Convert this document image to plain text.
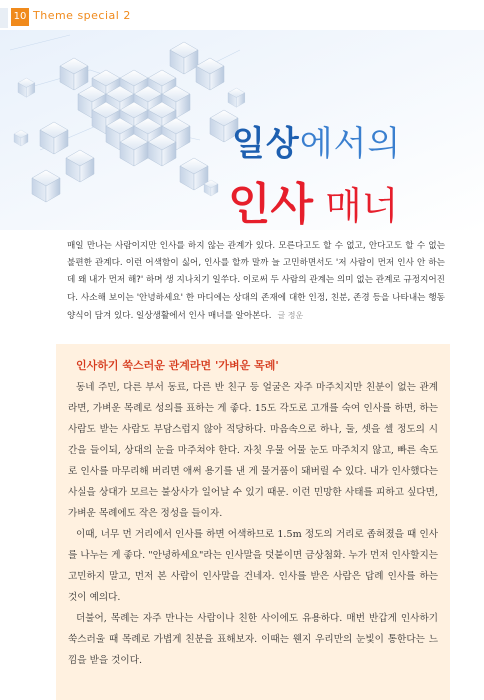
10 Theme special 2
일상에서의
인사 매너
매일 만나는 사람이지만 인사를 하지 않는 관계가 있다. 모른다고도 할 수 없고, 안다고도 할 수 없는 불편한 관계다. 이런 어색함이 싫어, 인사를 할까 말까 늘 고민하면서도 '저 사람이 먼저 인사 안 하는 데 왜 내가 먼저 해?' 하며 생 지나치기 일쑤다. 이로써 두 사람의 관계는 의미 없는 관계로 규정지어진다. 사소해 보이는 '안녕하세요' 한 마디에는 상대의 존재에 대한 인정, 친분, 존경 등을 나타내는 행동양식이 담겨 있다. 일상생활에서 인사 매너를 알아본다. 글 정운
인사하기 쑥스러운 관계라면 '가벼운 목례'

동네 주민, 다른 부서 동료, 다른 반 친구 등 얼굴은 자주 마주치지만 친분이 없는 관계라면, 가벼운 목례로 성의를 표하는 게 좋다. 15도 각도로 고개를 숙여 인사를 하면, 하는 사람도 받는 사람도 부담스럽지 않아 적당하다. 마음속으로 하나, 둘, 셋을 셀 정도의 시간을 들이되, 상대의 눈을 마주쳐야 한다. 자칫 우물 어물 눈도 마주치지 않고, 빠른 속도로 인사를 마무리해 버리면 애써 용기를 낸 게 물거품이 돼버릴 수 있다. 내가 인사했다는 사실을 상대가 모르는 불상사가 일어날 수 있기 때문. 이런 민망한 사태를 피하고 싶다면, 가벼운 목례에도 작은 정성을 들이자.

이때, 너무 먼 거리에서 인사를 하면 어색하므로 1.5m 정도의 거리로 좁혀졌을 때 인사를 나누는 게 좋다. "안녕하세요"라는 인사말을 덧붙이면 금상첨화. 누가 먼저 인사할지는 고민하지 말고, 먼저 본 사람이 인사말을 건네자. 인사를 받은 사람은 답례 인사를 하는 것이 예의다.

더불어, 목례는 자주 만나는 사람이나 친한 사이에도 유용하다. 매번 반갑게 인사하기 쑥스러울 때 목례로 가볍게 친분을 표해보자. 이때는 웬지 우리만의 눈빛이 통한다는 느낌을 받을 것이다.
